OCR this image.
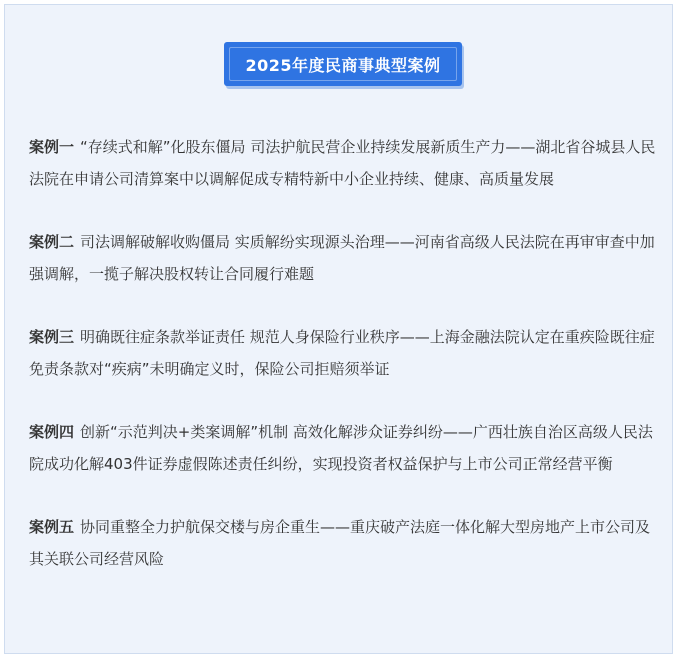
2025年度民商事典型案例

案例一 “存续式和解”化股东僵局 司法护航民营企业持续发展新质生产力——湖北省谷城县人民法院在申请公司清算案中以调解促成专精特新中小企业持续、健康、高质量发展

案例二 司法调解破解收购僵局 实质解纷实现源头治理——河南省高级人民法院在再审审查中加强调解，一揽子解决股权转让合同履行难题

案例三 明确既往症条款举证责任 规范人身保险行业秩序——上海金融法院认定在重疾险既往症免责条款对“疾病”未明确定义时，保险公司拒赔须举证

案例四 创新“示范判决+类案调解”机制 高效化解涉众证券纠纷——广西壮族自治区高级人民法院成功化解403件证券虚假陈述责任纠纷，实现投资者权益保护与上市公司正常经营平衡

案例五 协同重整全力护航保交楼与房企重生——重庆破产法庭一体化解大型房地产上市公司及其关联公司经营风险
